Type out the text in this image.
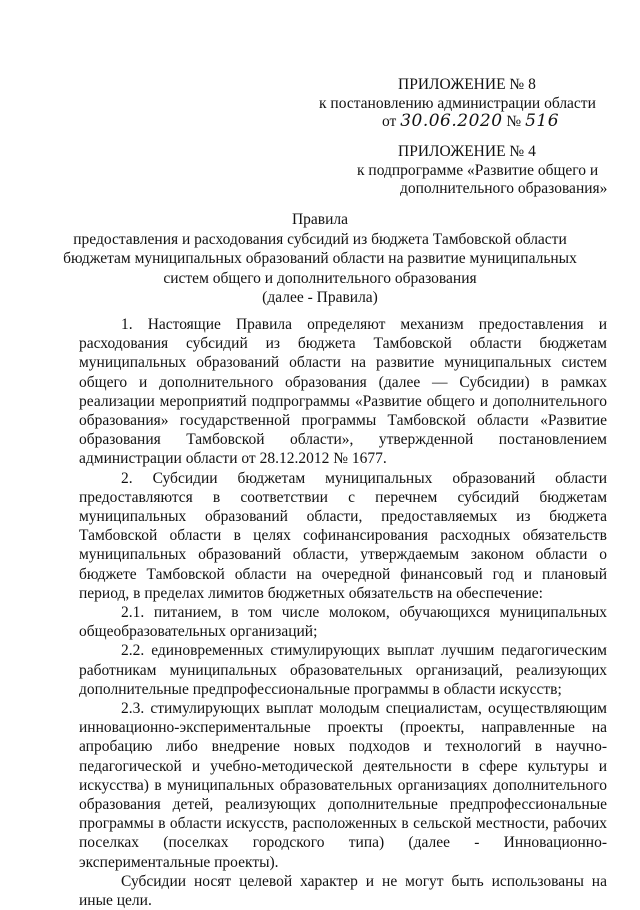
ПРИЛОЖЕНИЕ № 8
к постановлению администрации области
от 30.06.2020 № 516
ПРИЛОЖЕНИЕ № 4
к подпрограмме «Развитие общего и
дополнительного образования»
Правила
предоставления и расходования субсидий из бюджета Тамбовской области
бюджетам муниципальных образований области на развитие муниципальных
систем общего и дополнительного образования
(далее - Правила)

1. Настоящие Правила определяют механизм предоставления и расходования субсидий из бюджета Тамбовской области бюджетам муниципальных образований области на развитие муниципальных систем общего и дополнительного образования (далее — Субсидии) в рамках реализации мероприятий подпрограммы «Развитие общего и дополнительного образования» государственной программы Тамбовской области «Развитие образования Тамбовской области», утвержденной постановлением администрации области от 28.12.2012 № 1677.

2. Субсидии бюджетам муниципальных образований области предоставляются в соответствии с перечнем субсидий бюджетам муниципальных образований области, предоставляемых из бюджета Тамбовской области в целях софинансирования расходных обязательств муниципальных образований области, утверждаемым законом области о бюджете Тамбовской области на очередной финансовый год и плановый период, в пределах лимитов бюджетных обязательств на обеспечение:

2.1. питанием, в том числе молоком, обучающихся муниципальных общеобразовательных организаций;

2.2. единовременных стимулирующих выплат лучшим педагогическим работникам муниципальных образовательных организаций, реализующих дополнительные предпрофессиональные программы в области искусств;

2.3. стимулирующих выплат молодым специалистам, осуществляющим инновационно-экспериментальные проекты (проекты, направленные на апробацию либо внедрение новых подходов и технологий в научно-педагогической и учебно-методической деятельности в сфере культуры и искусства) в муниципальных образовательных организациях дополнительного образования детей, реализующих дополнительные предпрофессиональные программы в области искусств, расположенных в сельской местности, рабочих поселках (поселках городского типа) (далее - Инновационно-экспериментальные проекты).

Субсидии носят целевой характер и не могут быть использованы на иные цели.
